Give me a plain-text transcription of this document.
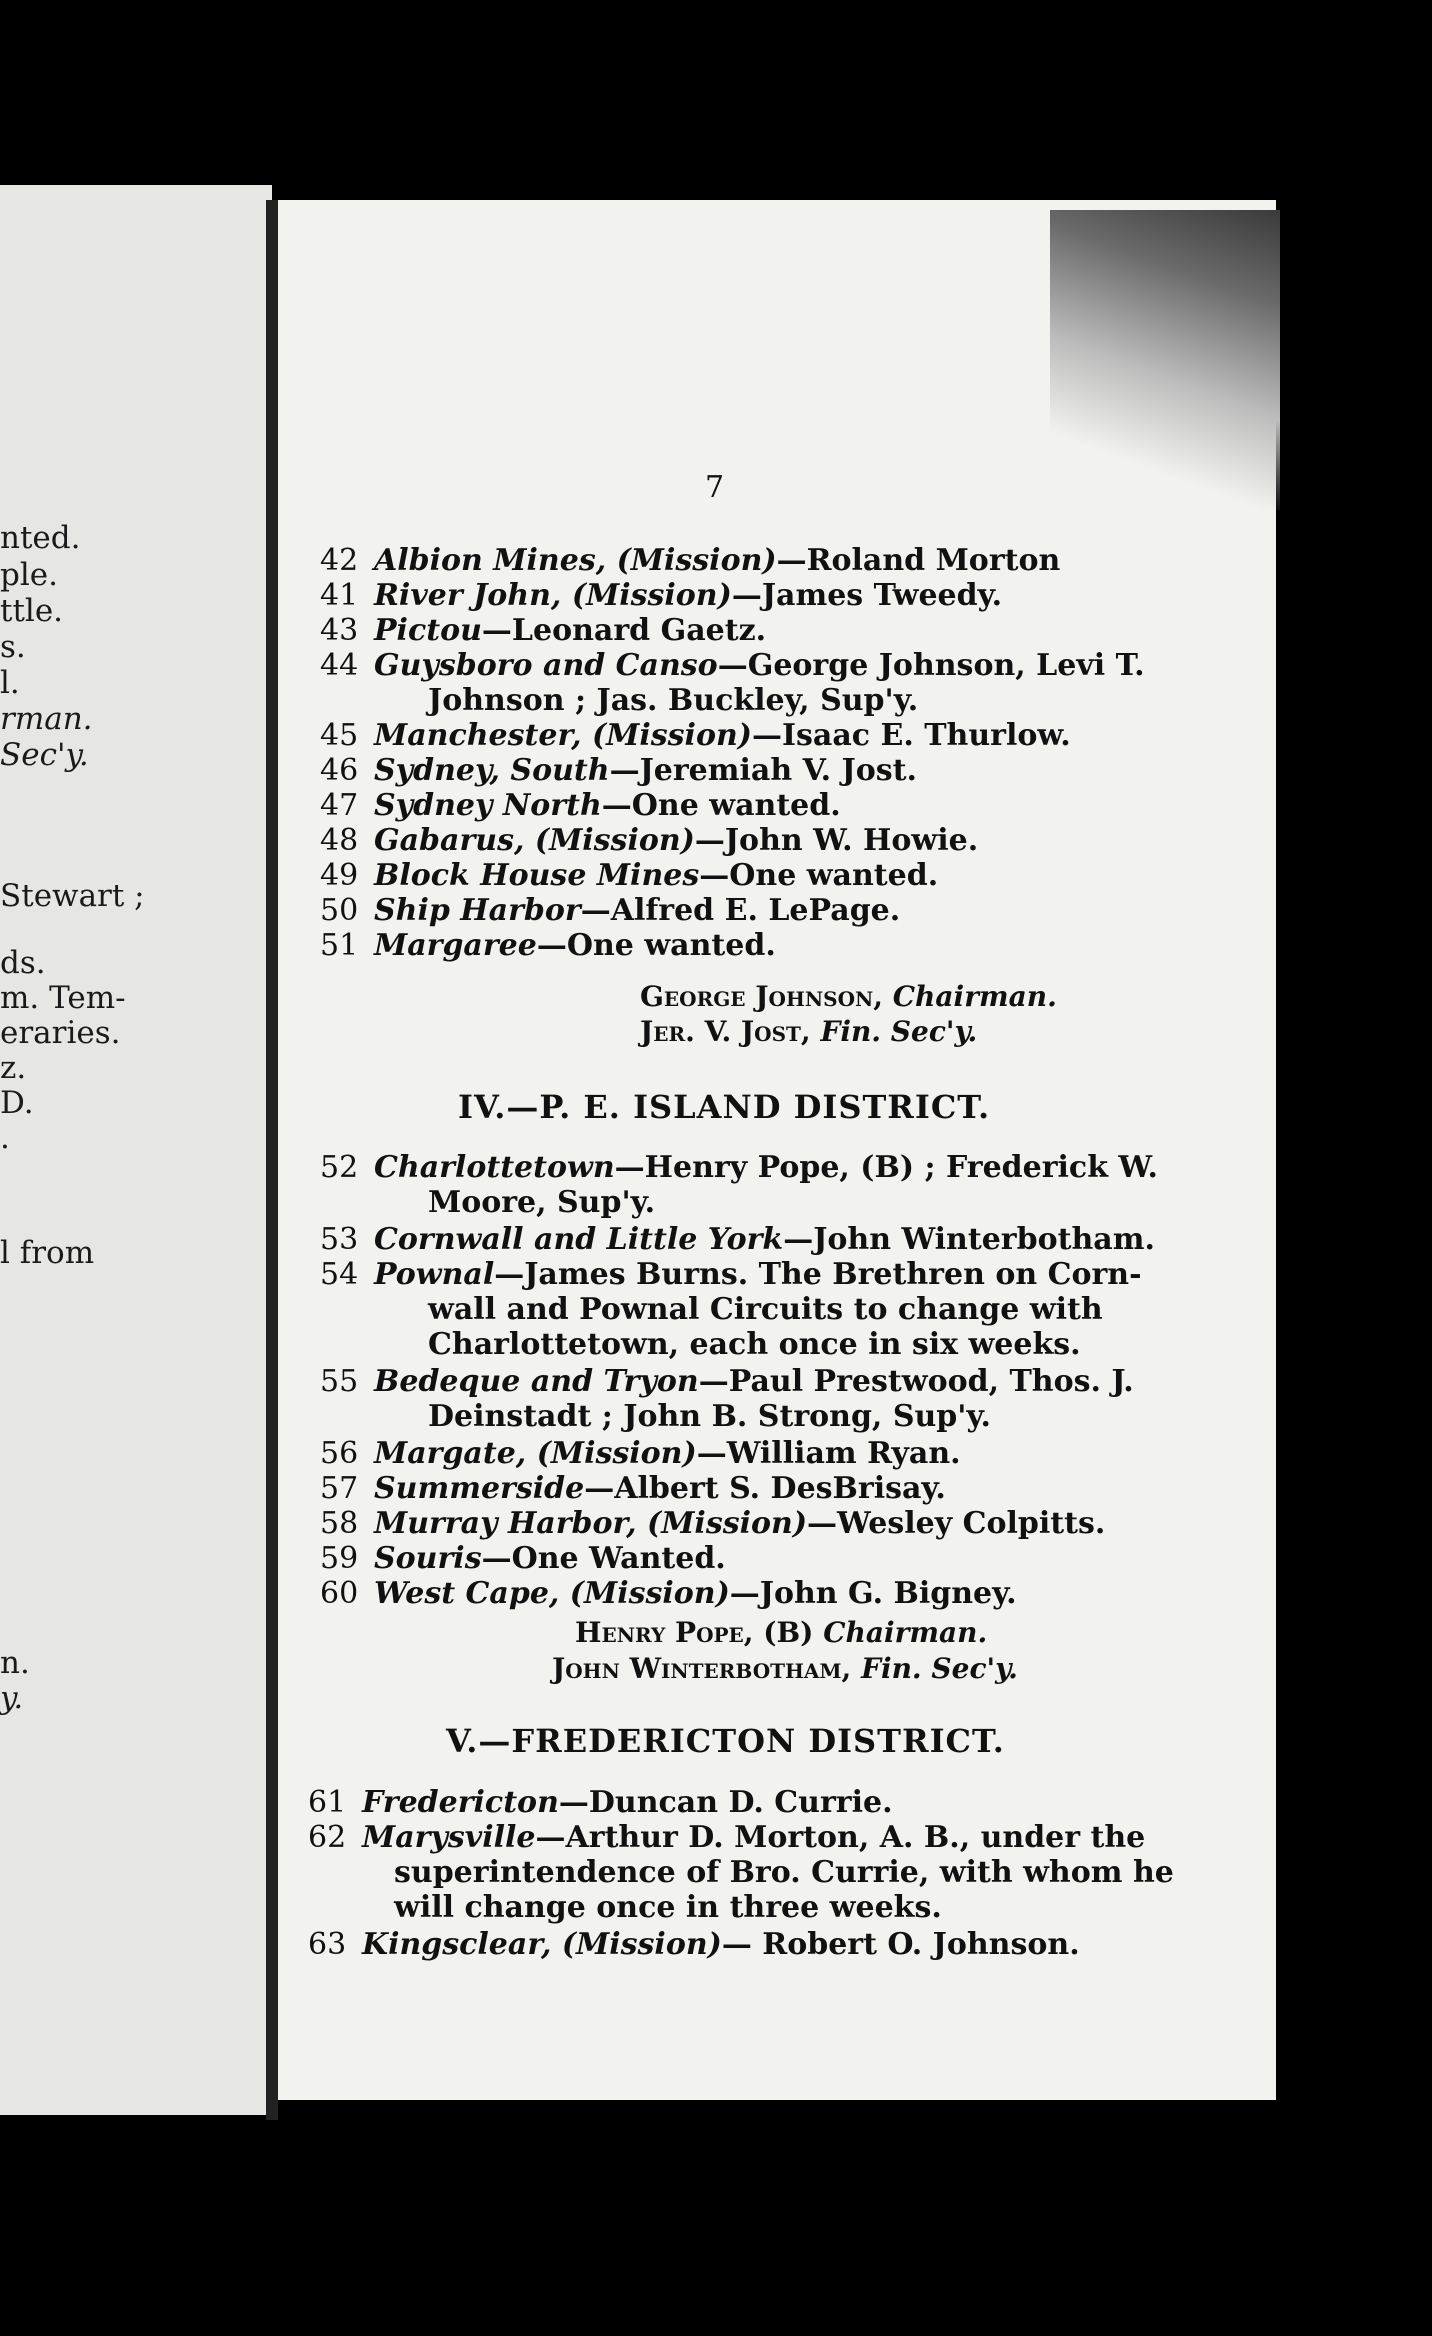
nted.
ple.
ttle.
s.
l.
rman.
Sec'y.
Stewart ;
ds.
m. Tem-
eraries.
z.
D.
.
l from
n.
y.
7
42 Albion Mines, (Mission)—Roland Morton
41 River John, (Mission)—James Tweedy.
43 Pictou—Leonard Gaetz.
44 Guysboro and Canso—George Johnson, Levi T.
Johnson ; Jas. Buckley, Sup'y.
45 Manchester, (Mission)—Isaac E. Thurlow.
46 Sydney, South—Jeremiah V. Jost.
47 Sydney North—One wanted.
48 Gabarus, (Mission)—John W. Howie.
49 Block House Mines—One wanted.
50 Ship Harbor—Alfred E. LePage.
51 Margaree—One wanted.
George Johnson, Chairman.
Jer. V. Jost, Fin. Sec'y.
IV.—P. E. ISLAND DISTRICT.
52 Charlottetown—Henry Pope, (B) ; Frederick W.
Moore, Sup'y.
53 Cornwall and Little York—John Winterbotham.
54 Pownal—James Burns. The Brethren on Corn-
wall and Pownal Circuits to change with
Charlottetown, each once in six weeks.
55 Bedeque and Tryon—Paul Prestwood, Thos. J.
Deinstadt ; John B. Strong, Sup'y.
56 Margate, (Mission)—William Ryan.
57 Summerside—Albert S. DesBrisay.
58 Murray Harbor, (Mission)—Wesley Colpitts.
59 Souris—One Wanted.
60 West Cape, (Mission)—John G. Bigney.
Henry Pope, (B) Chairman.
John Winterbotham, Fin. Sec'y.
V.—FREDERICTON DISTRICT.
61 Fredericton—Duncan D. Currie.
62 Marysville—Arthur D. Morton, A. B., under the
superintendence of Bro. Currie, with whom he
will change once in three weeks.
63 Kingsclear, (Mission)— Robert O. Johnson.
